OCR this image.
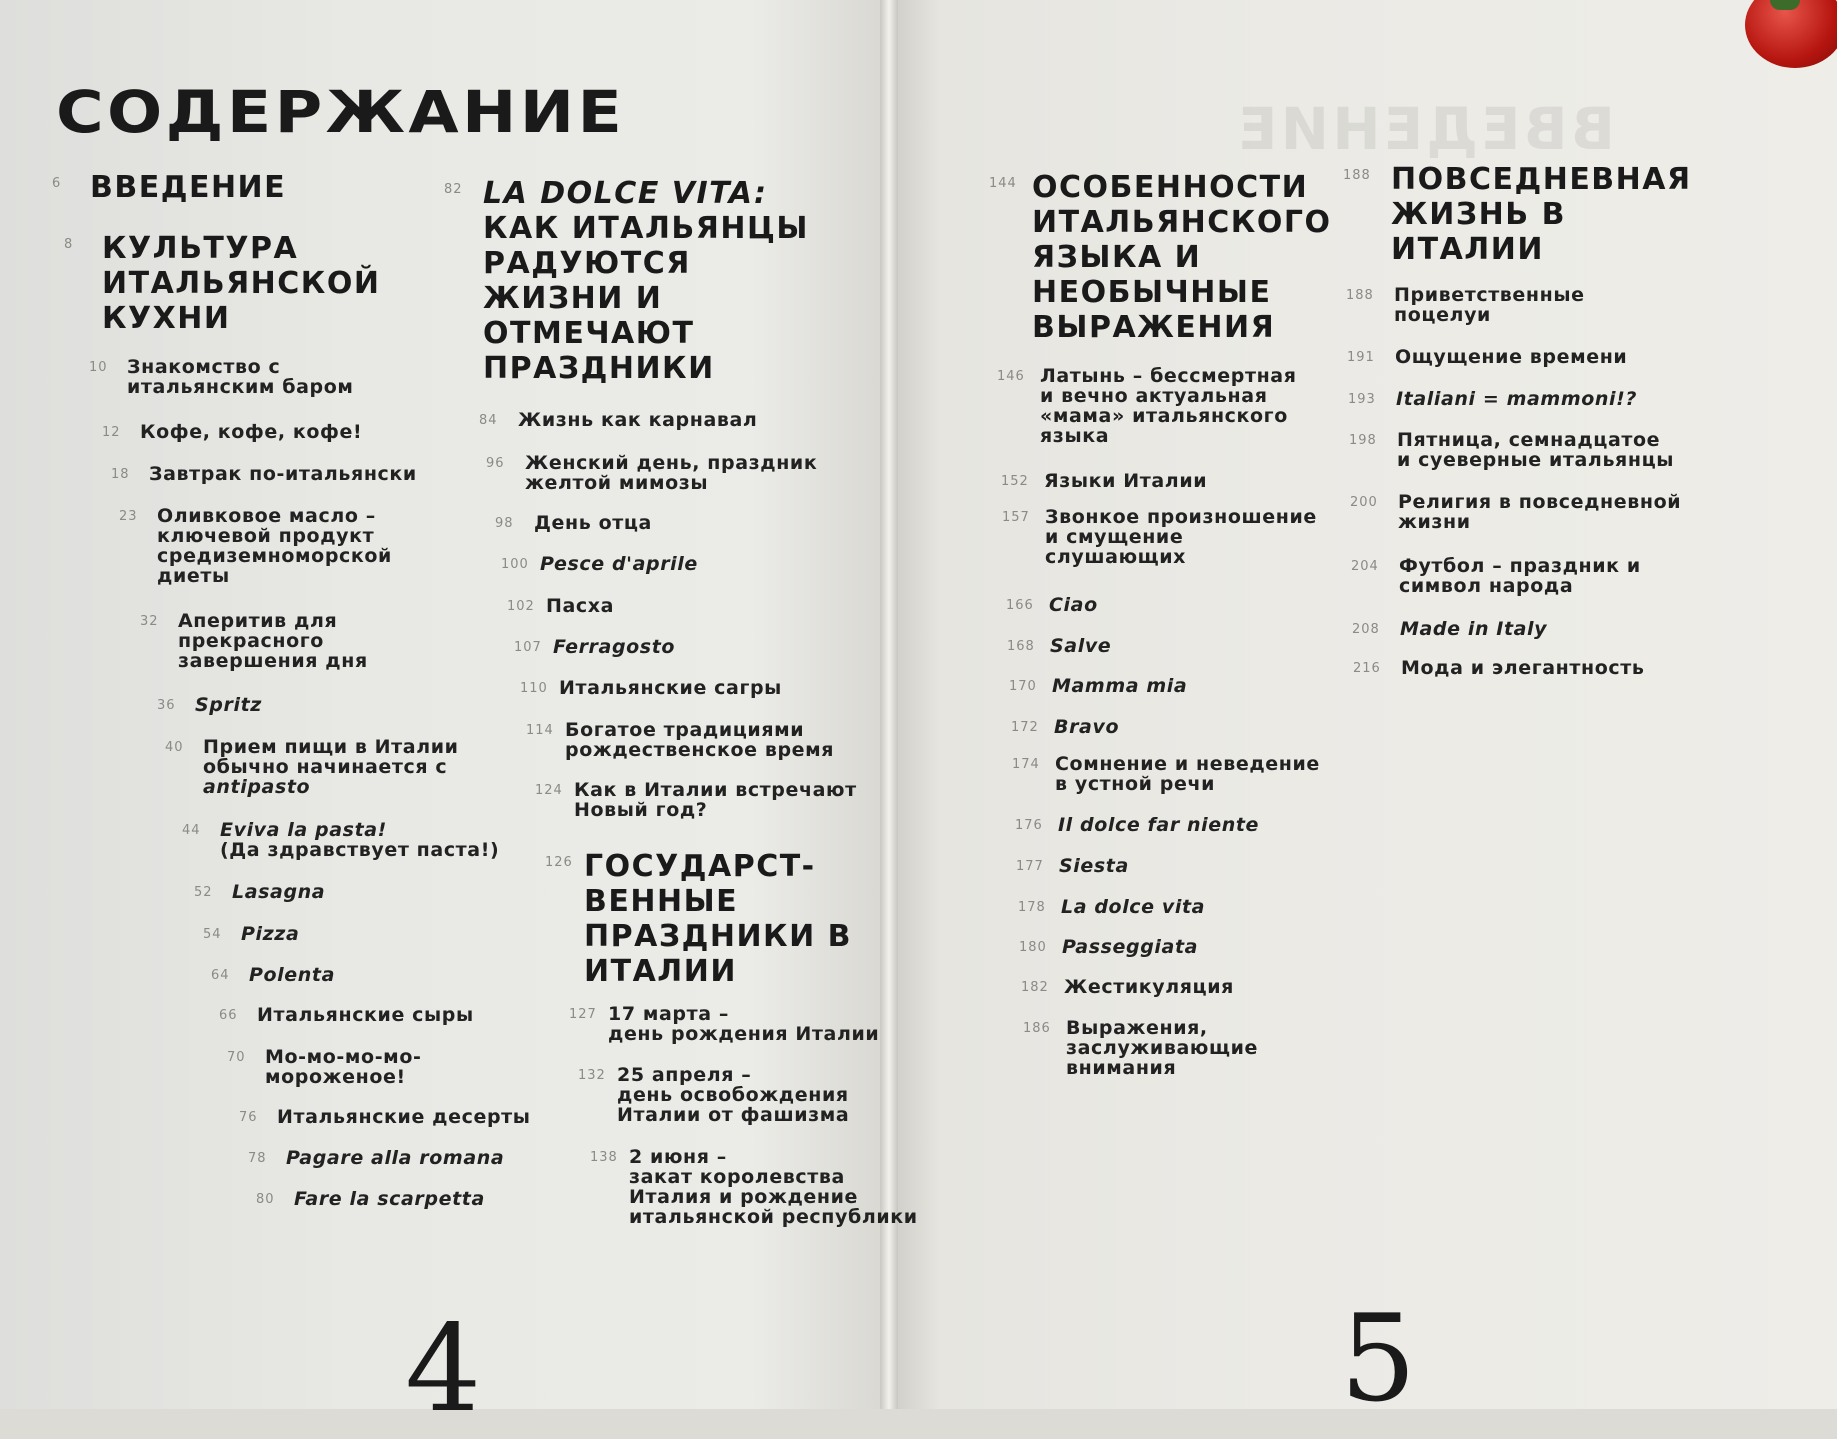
ВВЕДЕНИЕ
СОДЕРЖАНИЕ
6 ВВЕДЕНИЕ
8 КУЛЬТУРА
ИТАЛЬЯНСКОЙ
КУХНИ
10 Знакомство с
итальянским баром
12 Кофе, кофе, кофе!
18 Завтрак по-итальянски
23 Оливковое масло –
ключевой продукт
средиземноморской
диеты
32 Аперитив для
прекрасного
завершения дня
36 Spritz
40 Прием пищи в Италии
обычно начинается с
antipasto
44 Eviva la pasta!
(Да здравствует паста!)
52 Lasagna
54 Pizza
64 Polenta
66 Итальянские сыры
70 Мо-мо-мо-мо-
мороженое!
76 Итальянские десерты
78 Pagare alla romana
80 Fare la scarpetta
82 LA DOLCE VITA:
КАК ИТАЛЬЯНЦЫ
РАДУЮТСЯ
ЖИЗНИ И
ОТМЕЧАЮТ
ПРАЗДНИКИ
84 Жизнь как карнавал
96 Женский день, праздник
желтой мимозы
98 День отца
100 Pesce d'aprile
102 Пасха
107 Ferragosto
110 Итальянские сагры
114 Богатое традициями
рождественское время
124 Как в Италии встречают
Новый год?
126 ГОСУДАРСТ-
ВЕННЫЕ
ПРАЗДНИКИ В
ИТАЛИИ
127 17 марта –
день рождения Италии
132 25 апреля –
день освобождения
Италии от фашизма
138 2 июня –
закат королевства
Италия и рождение
итальянской республики
144 ОСОБЕННОСТИ
ИТАЛЬЯНСКОГО
ЯЗЫКА И
НЕОБЫЧНЫЕ
ВЫРАЖЕНИЯ
146 Латынь – бессмертная
и вечно актуальная
«мама» итальянского
языка
152 Языки Италии
157 Звонкое произношение
и смущение
слушающих
166 Ciao
168 Salve
170 Mamma mia
172 Bravo
174 Сомнение и неведение
в устной речи
176 Il dolce far niente
177 Siesta
178 La dolce vita
180 Passeggiata
182 Жестикуляция
186 Выражения,
заслуживающие
внимания
188 ПОВСЕДНЕВНАЯ
ЖИЗНЬ В
ИТАЛИИ
188 Приветственные
поцелуи
191 Ощущение времени
193 Italiani = mammoni!?
198 Пятница, семнадцатое
и суеверные итальянцы
200 Религия в повседневной
жизни
204 Футбол – праздник и
символ народа
208 Made in Italy
216 Мода и элегантность
4	5
